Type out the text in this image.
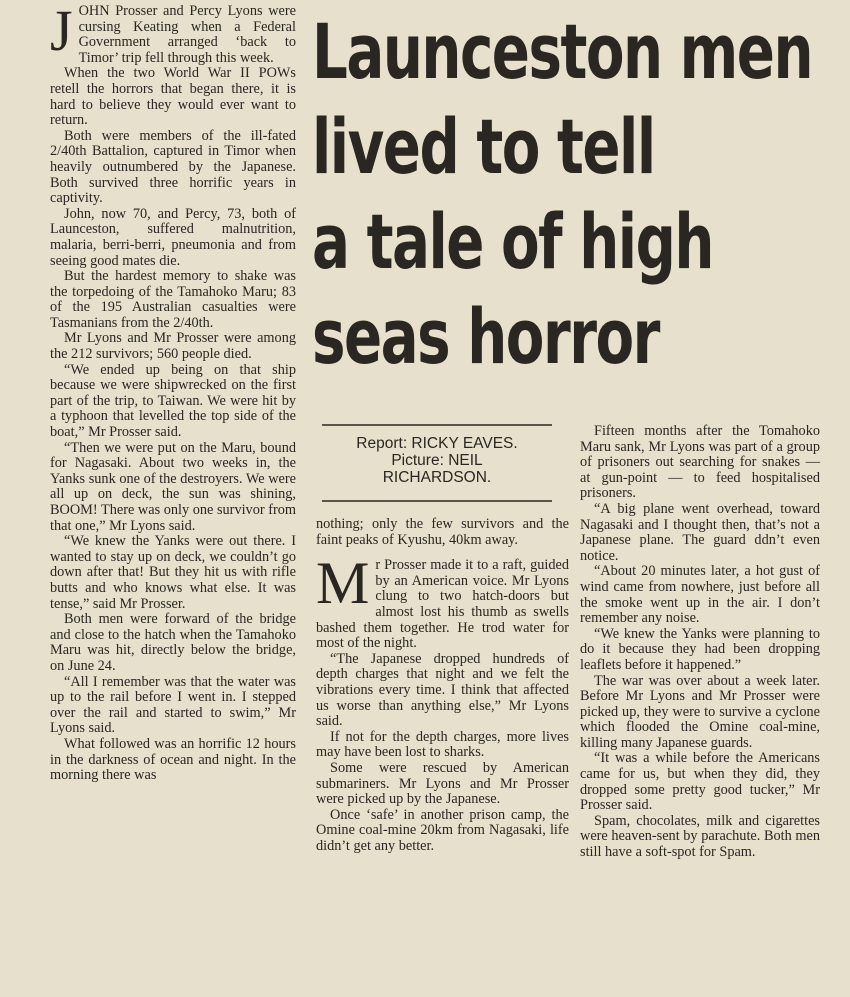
J OHN Prosser and Percy Lyons were cursing Keating when a Federal Government arranged ‘back to Timor’ trip fell through this week.

When the two World War II POWs retell the horrors that began there, it is hard to believe they would ever want to return.

Both were members of the ill-fated 2/40th Battalion, captured in Timor when heavily outnumbered by the Japanese. Both survived three horrific years in captivity.

John, now 70, and Percy, 73, both of Launceston, suffered malnutrition, malaria, berri-berri, pneumonia and from seeing good mates die.

But the hardest memory to shake was the torpedoing of the Tamahoko Maru; 83 of the 195 Australian casualties were Tasmanians from the 2/40th.

Mr Lyons and Mr Prosser were among the 212 survivors; 560 people died.

“We ended up being on that ship because we were shipwrecked on the first part of the trip, to Taiwan. We were hit by a typhoon that levelled the top side of the boat,” Mr Prosser said.

“Then we were put on the Maru, bound for Nagasaki. About two weeks in, the Yanks sunk one of the destroyers. We were all up on deck, the sun was shining, BOOM! There was only one survivor from that one,” Mr Lyons said.

“We knew the Yanks were out there. I wanted to stay up on deck, we couldn’t go down after that! But they hit us with rifle butts and who knows what else. It was tense,” said Mr Prosser.

Both men were forward of the bridge and close to the hatch when the Tamahoko Maru was hit, directly below the bridge, on June 24.

“All I remember was that the water was up to the rail before I went in. I stepped over the rail and started to swim,” Mr Lyons said.

What followed was an horrific 12 hours in the darkness of ocean and night. In the morning there was

Launceston men
lived to tell
a tale of high
seas horror
Report: RICKY EAVES.
Picture: NEIL
RICHARDSON.

nothing; only the few survivors and the faint peaks of Kyushu, 40km away.

M r Prosser made it to a raft, guided by an American voice. Mr Lyons clung to two hatch-doors but almost lost his thumb as swells bashed them together. He trod water for most of the night.

“The Japanese dropped hundreds of depth charges that night and we felt the vibrations every time. I think that affected us worse than anything else,” Mr Lyons said.

If not for the depth charges, more lives may have been lost to sharks.

Some were rescued by American submariners. Mr Lyons and Mr Prosser were picked up by the Japanese.

Once ‘safe’ in another prison camp, the Omine coal-mine 20km from Nagasaki, life didn’t get any better.

Fifteen months after the Tomahoko Maru sank, Mr Lyons was part of a group of prisoners out searching for snakes — at gun-point — to feed hospitalised prisoners.

“A big plane went overhead, toward Nagasaki and I thought then, that’s not a Japanese plane. The guard ddn’t even notice.

“About 20 minutes later, a hot gust of wind came from nowhere, just before all the smoke went up in the air. I don’t remember any noise.

“We knew the Yanks were planning to do it because they had been dropping leaflets before it happened.”

The war was over about a week later. Before Mr Lyons and Mr Prosser were picked up, they were to survive a cyclone which flooded the Omine coal-mine, killing many Japanese guards.

“It was a while before the Americans came for us, but when they did, they dropped some pretty good tucker,” Mr Prosser said.

Spam, chocolates, milk and cigarettes were heaven-sent by parachute. Both men still have a soft-spot for Spam.
